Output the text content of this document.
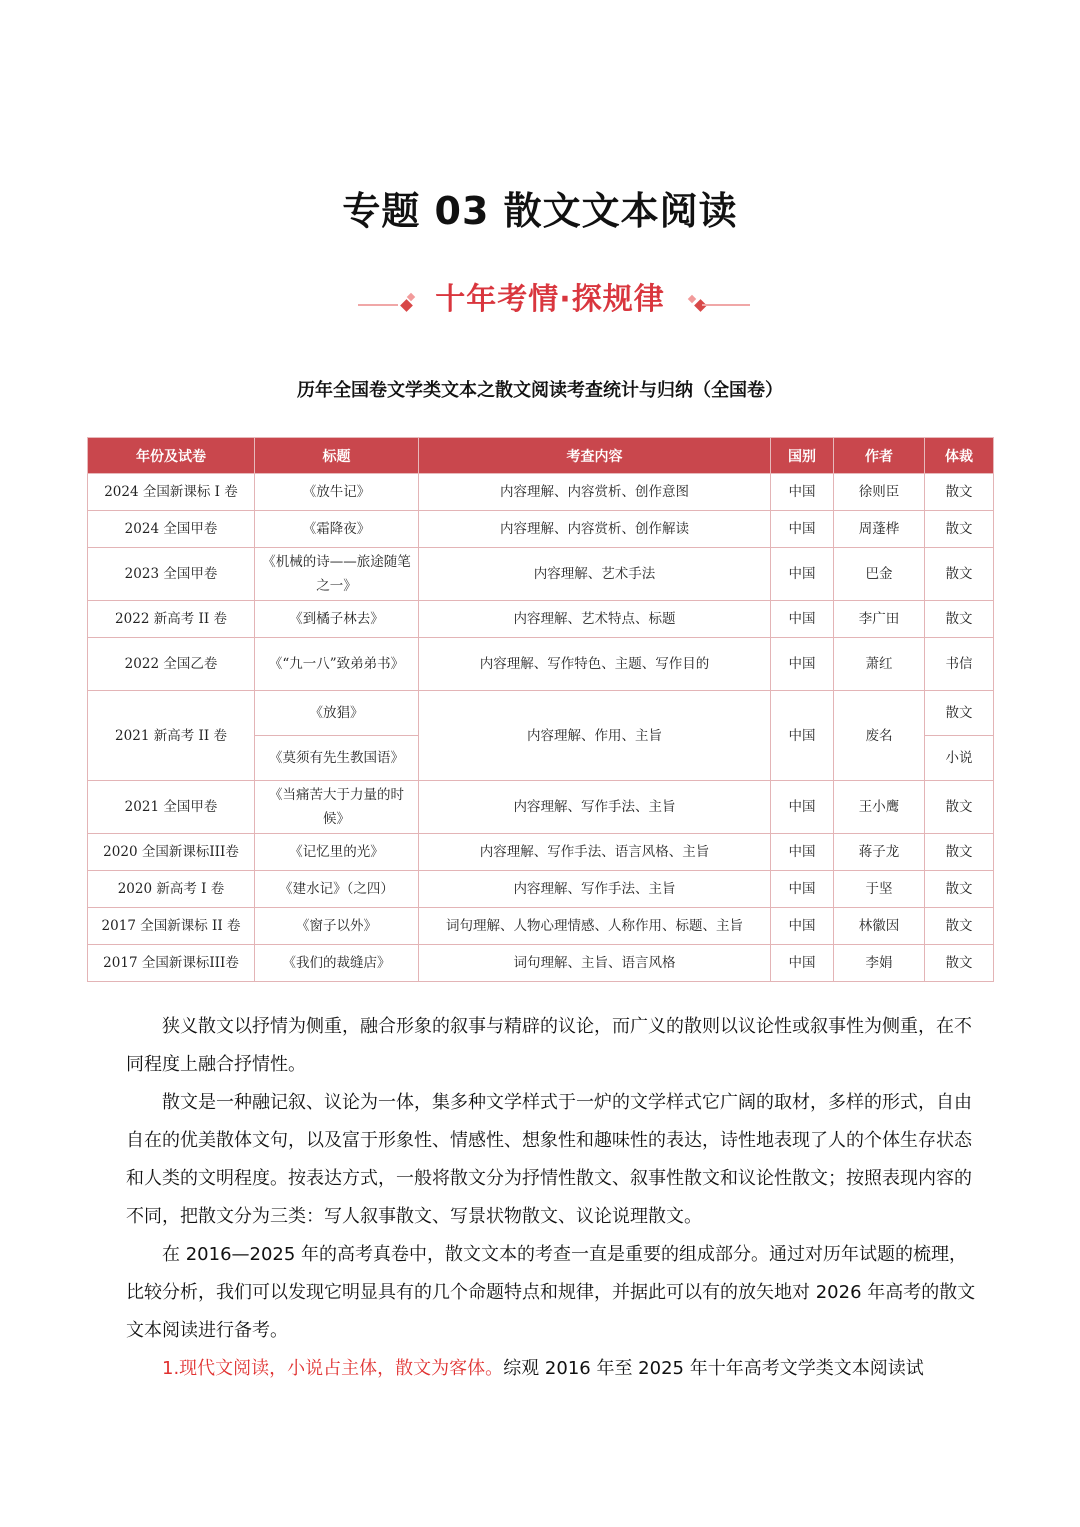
专题 03 散文文本阅读
十年考情·探规律
历年全国卷文学类文本之散文阅读考查统计与归纳（全国卷）
年份及试卷	标题	考查内容	国别	作者	体裁
2024 全国新课标 I 卷	《放牛记》	内容理解、内容赏析、创作意图	中国	徐则臣	散文
2024 全国甲卷	《霜降夜》	内容理解、内容赏析、创作解读	中国	周蓬桦	散文
2023 全国甲卷	《机械的诗——旅途随笔之一》	内容理解、艺术手法	中国	巴金	散文
2022 新高考 II 卷	《到橘子林去》	内容理解、艺术特点、标题	中国	李广田	散文
2022 全国乙卷	《“九一八”致弟弟书》	内容理解、写作特色、主题、写作目的	中国	萧红	书信
2021 新高考 II 卷	《放猖》	内容理解、作用、主旨	中国	废名	散文
	《莫须有先生教国语》				小说
2021 全国甲卷	《当痛苦大于力量的时候》	内容理解、写作手法、主旨	中国	王小鹰	散文
2020 全国新课标III卷	《记忆里的光》	内容理解、写作手法、语言风格、主旨	中国	蒋子龙	散文
2020 新高考 I 卷	《建水记》（之四）	内容理解、写作手法、主旨	中国	于坚	散文
2017 全国新课标 II 卷	《窗子以外》	词句理解、人物心理情感、人称作用、标题、主旨	中国	林徽因	散文
2017 全国新课标III卷	《我们的裁缝店》	词句理解、主旨、语言风格	中国	李娟	散文

狭义散文以抒情为侧重，融合形象的叙事与精辟的议论，而广义的散则以议论性或叙事性为侧重，在不同程度上融合抒情性。

散文是一种融记叙、议论为一体，集多种文学样式于一炉的文学样式它广阔的取材，多样的形式，自由自在的优美散体文句，以及富于形象性、情感性、想象性和趣味性的表达，诗性地表现了人的个体生存状态和人类的文明程度。按表达方式，一般将散文分为抒情性散文、叙事性散文和议论性散文；按照表现内容的不同，把散文分为三类：写人叙事散文、写景状物散文、议论说理散文。

在 2016—2025 年的高考真卷中，散文文本的考查一直是重要的组成部分。通过对历年试题的梳理，比较分析，我们可以发现它明显具有的几个命题特点和规律，并据此可以有的放矢地对 2026 年高考的散文文本阅读进行备考。

1.现代文阅读，小说占主体，散文为客体。综观 2016 年至 2025 年十年高考文学类文本阅读试
